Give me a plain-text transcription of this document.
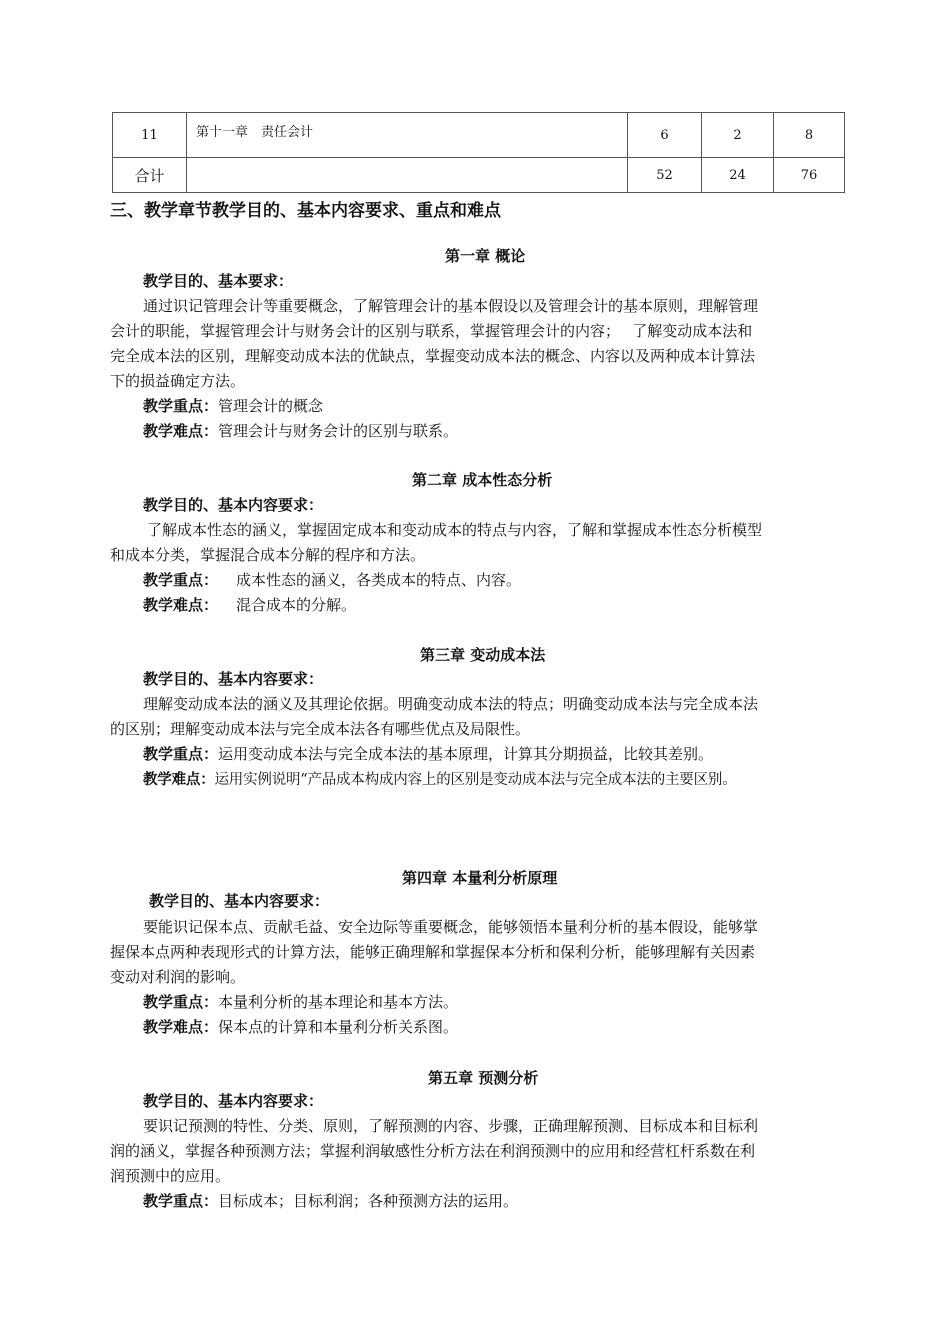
11	第十一章　责任会计	6	2	8
合计		52	24	76
三、教学章节教学目的、基本内容要求、重点和难点
第一章 概论
教学目的、基本要求：
通过识记管理会计等重要概念，了解管理会计的基本假设以及管理会计的基本原则，理解管理
会计的职能，掌握管理会计与财务会计的区别与联系，掌握管理会计的内容；　 了解变动成本法和
完全成本法的区别，理解变动成本法的优缺点，掌握变动成本法的概念、内容以及两种成本计算法
下的损益确定方法。
教学重点：管理会计的概念
教学难点：管理会计与财务会计的区别与联系。
第二章 成本性态分析
教学目的、基本内容要求：
了解成本性态的涵义，掌握固定成本和变动成本的特点与内容，了解和掌握成本性态分析模型
和成本分类，掌握混合成本分解的程序和方法。
教学重点： 成本性态的涵义，各类成本的特点、内容。
教学难点： 混合成本的分解。
第三章 变动成本法
教学目的、基本内容要求：
理解变动成本法的涵义及其理论依据。明确变动成本法的特点；明确变动成本法与完全成本法
的区别；理解变动成本法与完全成本法各有哪些优点及局限性。
教学重点：运用变动成本法与完全成本法的基本原理，计算其分期损益，比较其差别。
教学难点：运用实例说明“产品成本构成内容上的区别是变动成本法与完全成本法的主要区别。
第四章 本量利分析原理
教学目的、基本内容要求：
要能识记保本点、贡献毛益、安全边际等重要概念，能够领悟本量利分析的基本假设，能够掌
握保本点两种表现形式的计算方法，能够正确理解和掌握保本分析和保利分析，能够理解有关因素
变动对利润的影响。
教学重点：本量利分析的基本理论和基本方法。
教学难点：保本点的计算和本量利分析关系图。
第五章 预测分析
教学目的、基本内容要求：
要识记预测的特性、分类、原则，了解预测的内容、步骤，正确理解预测、目标成本和目标利
润的涵义，掌握各种预测方法；掌握利润敏感性分析方法在利润预测中的应用和经营杠杆系数在利
润预测中的应用。
教学重点：目标成本；目标利润；各种预测方法的运用。
